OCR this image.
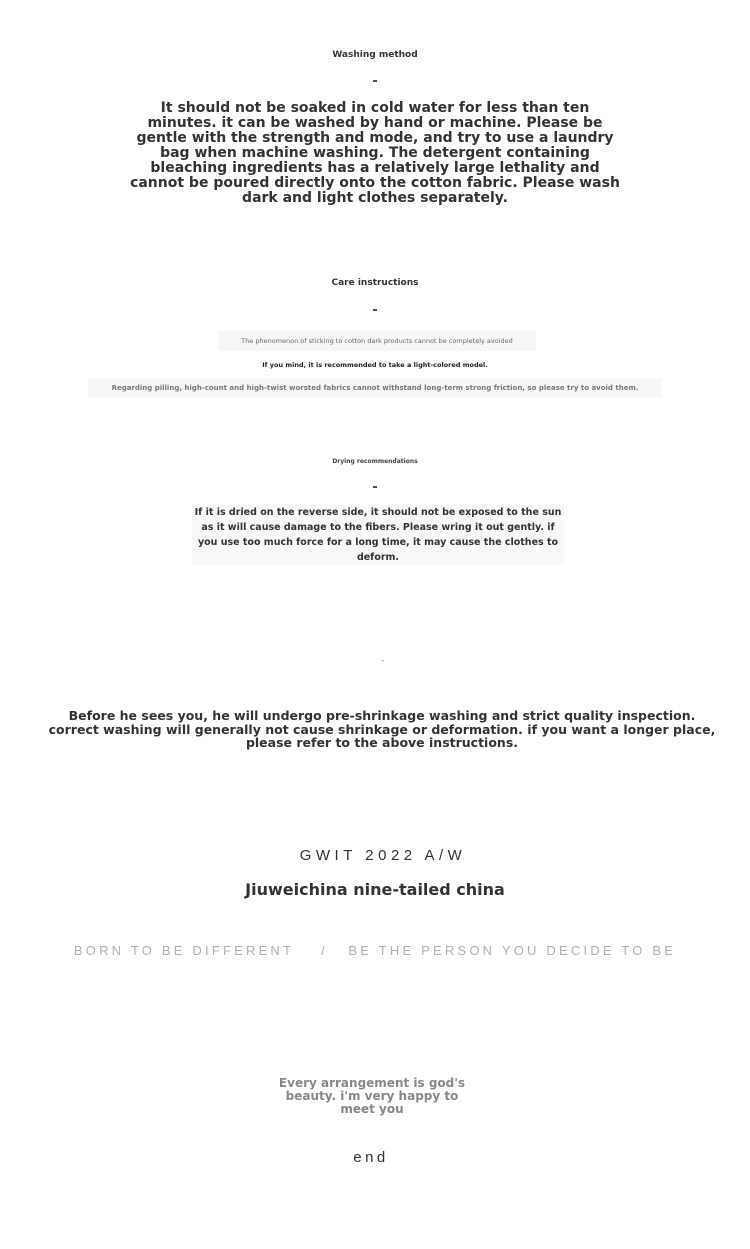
Washing method
-
It should not be soaked in cold water for less than ten minutes. it can be washed by hand or machine. Please be gentle with the strength and mode, and try to use a laundry bag when machine washing. The detergent containing bleaching ingredients has a relatively large lethality and cannot be poured directly onto the cotton fabric. Please wash dark and light clothes separately.
Care instructions
-
The phenomenon of sticking to cotton dark products cannot be completely avoided
If you mind, it is recommended to take a light-colored model.
Regarding pilling, high-count and high-twist worsted fabrics cannot withstand long-term strong friction, so please try to avoid them.
Drying recommendations
-
If it is dried on the reverse side, it should not be exposed to the sun as it will cause damage to the fibers. Please wring it out gently. if you use too much force for a long time, it may cause the clothes to deform.
-
Before he sees you, he will undergo pre-shrinkage washing and strict quality inspection. correct washing will generally not cause shrinkage or deformation. if you want a longer place, please refer to the above instructions.
GWIT 2022 A/W
Jiuweichina nine-tailed china
BORN TO BE DIFFERENT    /   BE THE PERSON YOU DECIDE TO BE
Every arrangement is god's beauty. i'm very happy to meet you
end
